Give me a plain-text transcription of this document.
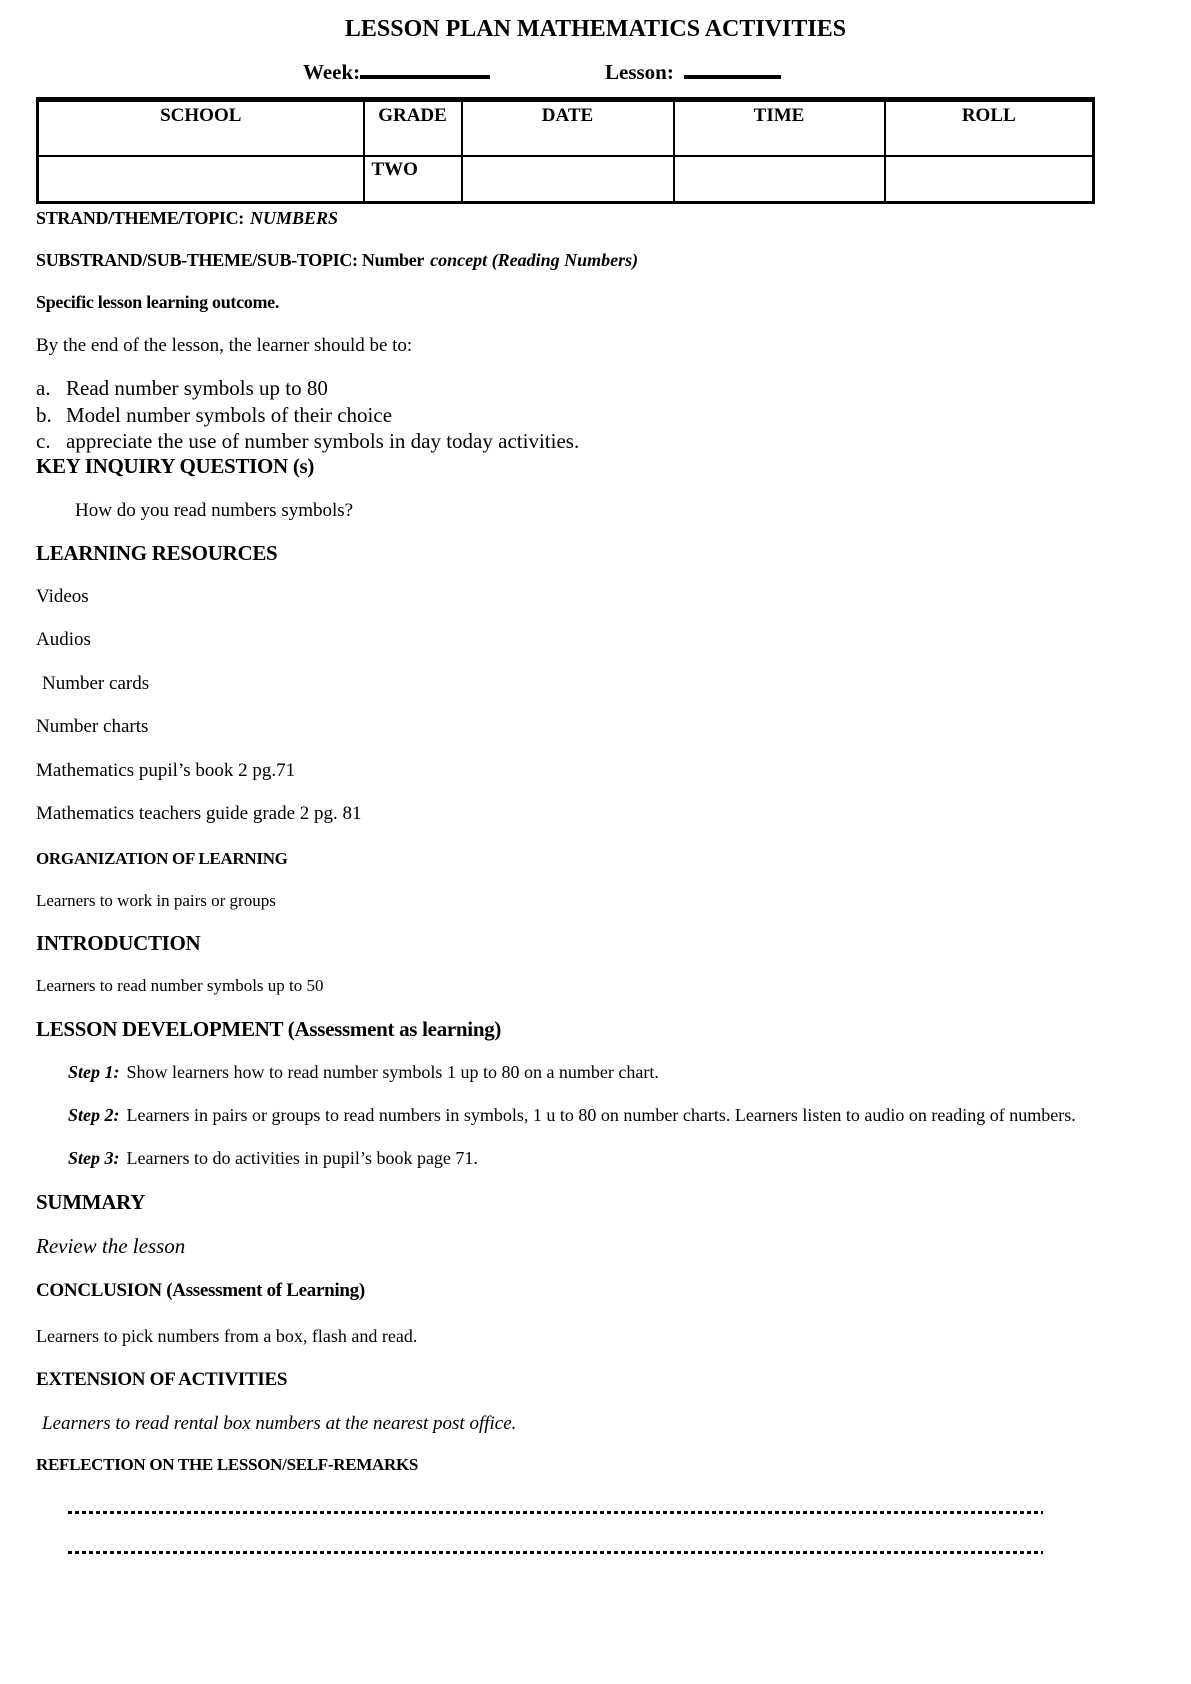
LESSON PLAN MATHEMATICS ACTIVITIES
Week:	Lesson:
SCHOOL	GRADE	DATE	TIME	ROLL
	TWO			
STRAND/THEME/TOPIC: NUMBERS
SUBSTRAND/SUB-THEME/SUB-TOPIC: Number concept (Reading Numbers)
Specific lesson learning outcome.
By the end of the lesson, the learner should be to:
a. Read number symbols up to 80
b. Model number symbols of their choice
c. appreciate the use of number symbols in day today activities.
KEY INQUIRY QUESTION (s)
How do you read numbers symbols?
LEARNING RESOURCES
Videos
Audios
Number cards
Number charts
Mathematics pupil’s book 2 pg.71
Mathematics teachers guide grade 2 pg. 81
ORGANIZATION OF LEARNING
Learners to work in pairs or groups
INTRODUCTION
Learners to read number symbols up to 50
LESSON DEVELOPMENT (Assessment as learning)
Step 1: Show learners how to read number symbols 1 up to 80 on a number chart.
Step 2: Learners in pairs or groups to read numbers in symbols, 1 u to 80 on number charts. Learners listen to audio on reading of numbers.
Step 3: Learners to do activities in pupil’s book page 71.
SUMMARY
Review the lesson
CONCLUSION (Assessment of Learning)
Learners to pick numbers from a box, flash and read.
EXTENSION OF ACTIVITIES
Learners to read rental box numbers at the nearest post office.
REFLECTION ON THE LESSON/SELF-REMARKS
